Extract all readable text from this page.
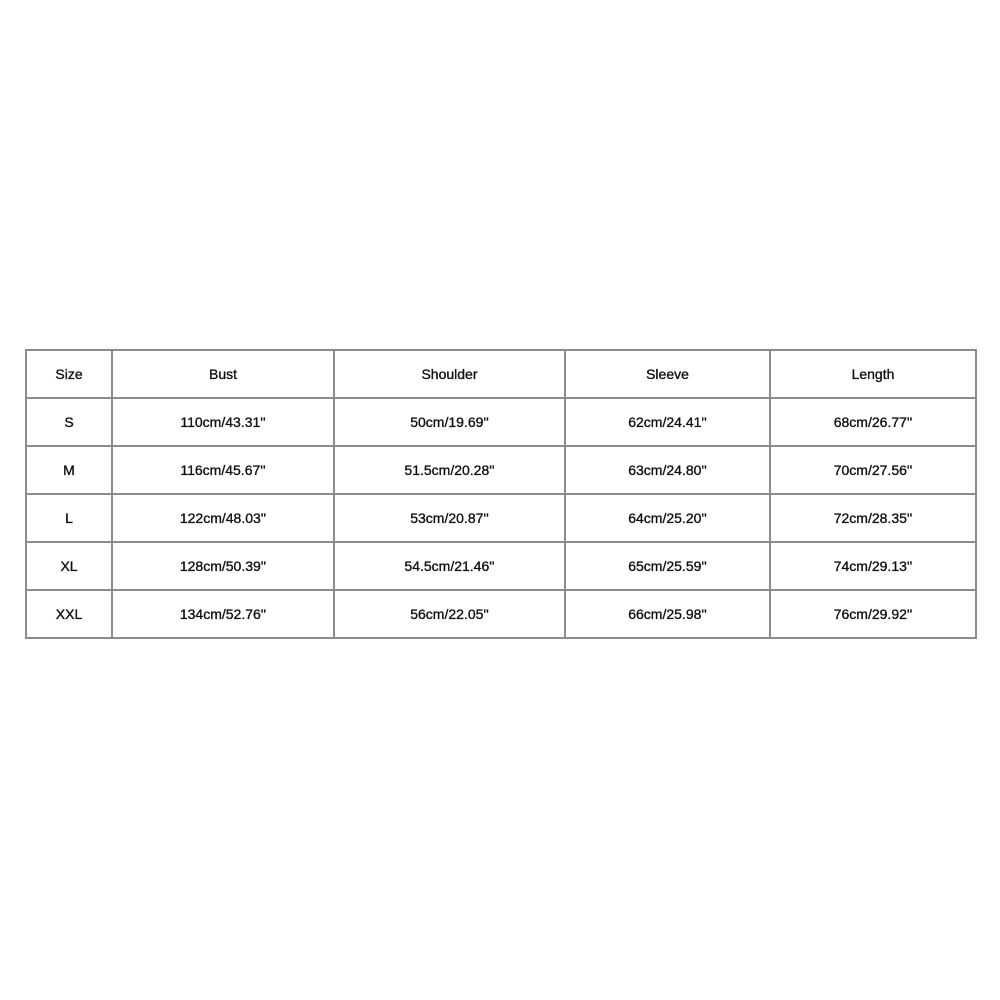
Size	Bust	Shoulder	Sleeve	Length
S	110cm/43.31''	50cm/19.69''	62cm/24.41''	68cm/26.77''
M	116cm/45.67''	51.5cm/20.28''	63cm/24.80''	70cm/27.56''
L	122cm/48.03''	53cm/20.87''	64cm/25.20''	72cm/28.35''
XL	128cm/50.39''	54.5cm/21.46''	65cm/25.59''	74cm/29.13''
XXL	134cm/52.76''	56cm/22.05''	66cm/25.98''	76cm/29.92''
